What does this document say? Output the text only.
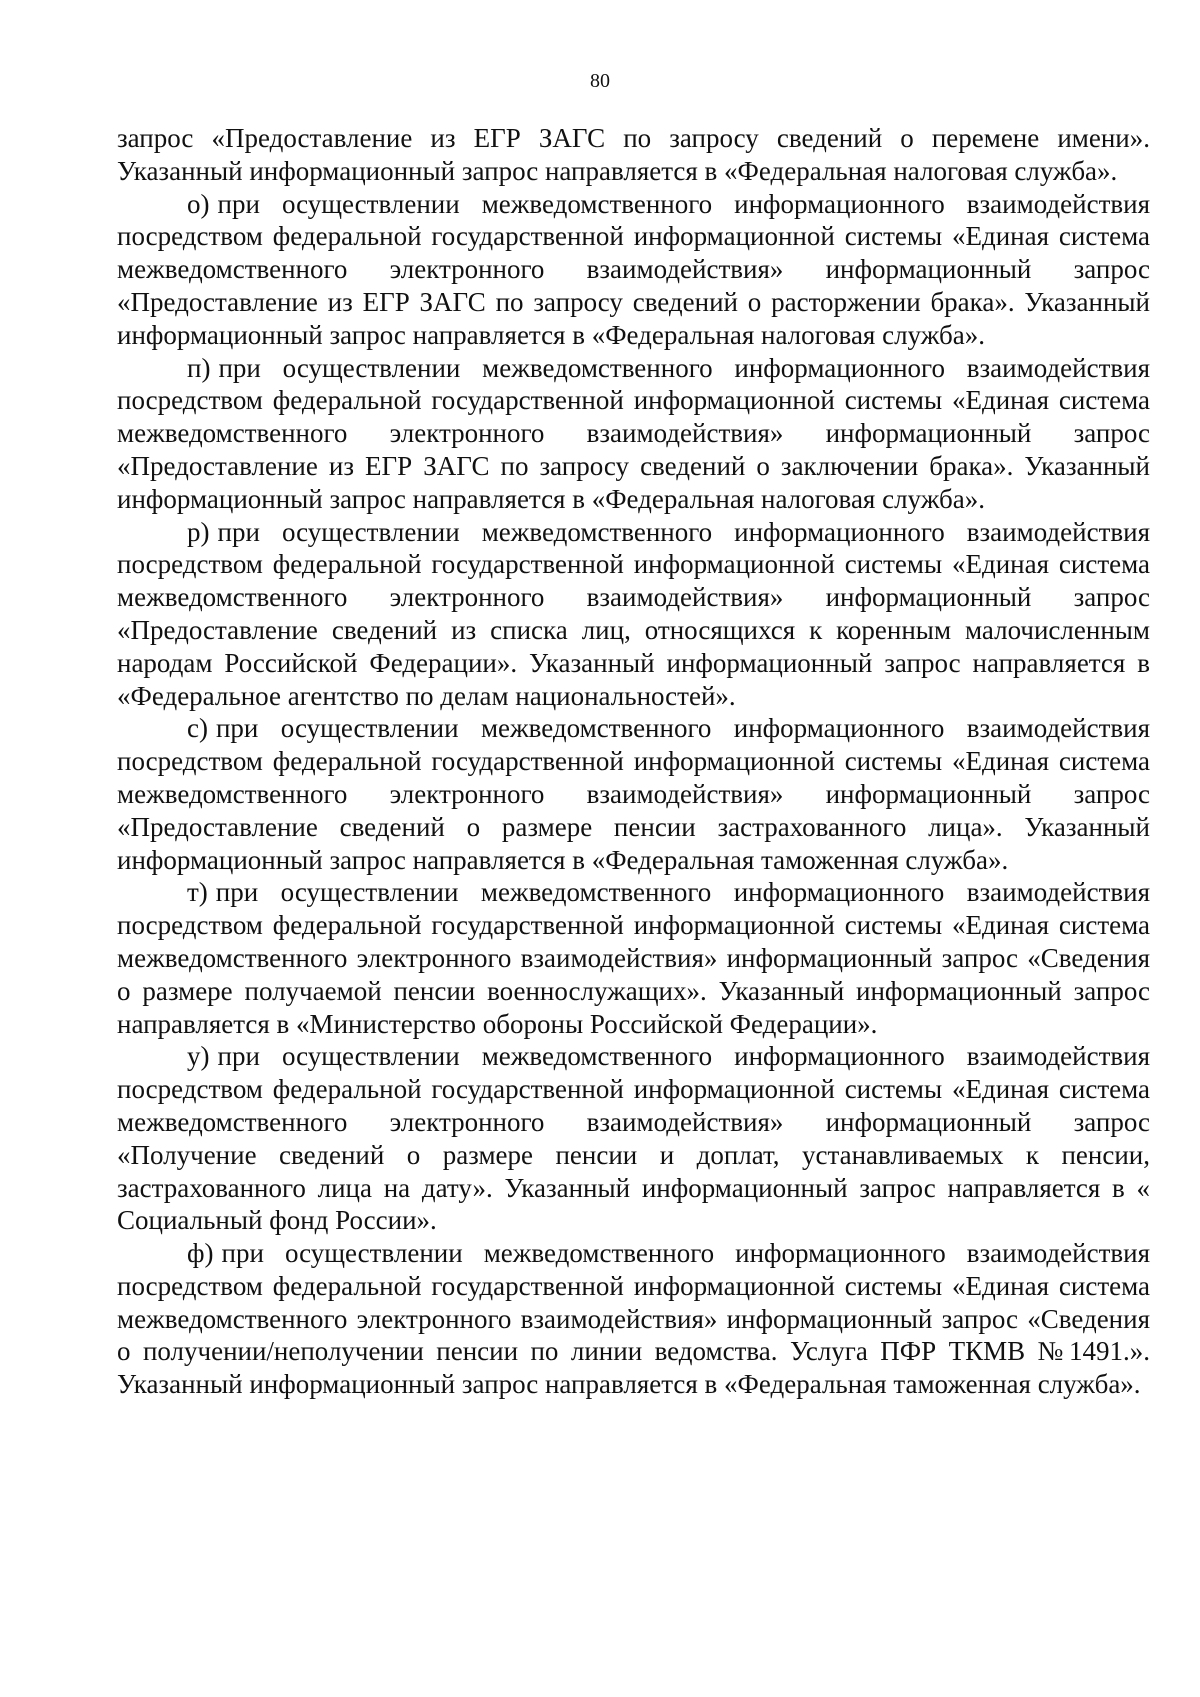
80

запрос «Предоставление из ЕГР ЗАГС по запросу сведений о перемене имени». Указанный информационный запрос направляется в «Федеральная налоговая служба».

о) при осуществлении межведомственного информационного взаимодействия посредством федеральной государственной информационной системы «Единая система межведомственного электронного взаимодействия» информационный запрос «Предоставление из ЕГР ЗАГС по запросу сведений о расторжении брака». Указанный информационный запрос направляется в «Федеральная налоговая служба».

п) при осуществлении межведомственного информационного взаимодействия посредством федеральной государственной информационной системы «Единая система межведомственного электронного взаимодействия» информационный запрос «Предоставление из ЕГР ЗАГС по запросу сведений о заключении брака». Указанный информационный запрос направляется в «Федеральная налоговая служба».

р) при осуществлении межведомственного информационного взаимодействия посредством федеральной государственной информационной системы «Единая система межведомственного электронного взаимодействия» информационный запрос «Предоставление сведений из списка лиц, относящихся к коренным малочисленным народам Российской Федерации». Указанный информационный запрос направляется в «Федеральное агентство по делам национальностей».

с) при осуществлении межведомственного информационного взаимодействия посредством федеральной государственной информационной системы «Единая система межведомственного электронного взаимодействия» информационный запрос «Предоставление сведений о размере пенсии застрахованного лица». Указанный информационный запрос направляется в «Федеральная таможенная служба».

т) при осуществлении межведомственного информационного взаимодействия посредством федеральной государственной информационной системы «Единая система межведомственного электронного взаимодействия» информационный запрос «Сведения о размере получаемой пенсии военнослужащих». Указанный информационный запрос направляется в «Министерство обороны Российской Федерации».

у) при осуществлении межведомственного информационного взаимодействия посредством федеральной государственной информационной системы «Единая система межведомственного электронного взаимодействия» информационный запрос «Получение сведений о размере пенсии и доплат, устанавливаемых к пенсии, застрахованного лица на дату». Указанный информационный запрос направляется в « Социальный фонд России».

ф) при осуществлении межведомственного информационного взаимодействия посредством федеральной государственной информационной системы «Единая система межведомственного электронного взаимодействия» информационный запрос «Сведения о получении/неполучении пенсии по линии ведомства. Услуга ПФР ТКМВ №1491.». Указанный информационный запрос направляется в «Федеральная таможенная служба».
